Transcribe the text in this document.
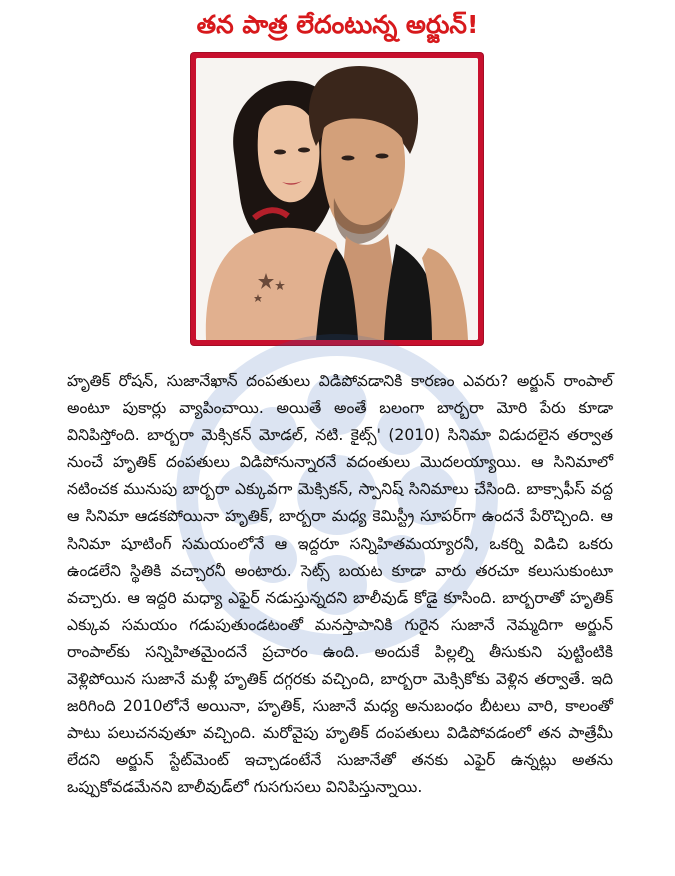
తన పాత్ర లేదంటున్న అర్జున్!

హృతిక్ రోషన్, సుజానేఖాన్ దంపతులు విడిపోవడానికి కారణం ఎవరు? అర్జున్ రాంపాల్ అంటూ పుకార్లు వ్యాపించాయి. అయితే అంతే బలంగా బార్బరా మోరి పేరు కూడా వినిపిస్తోంది. బార్బరా మెక్సికన్ మోడల్, నటి. కైట్స్' (2010) సినిమా విడుదలైన తర్వాత నుంచే హృతిక్ దంపతులు విడిపోనున్నారనే వదంతులు మొదలయ్యాయి. ఆ సినిమాలో నటించక మునుపు బార్బరా ఎక్కువగా మెక్సికన్, స్పానిష్ సినిమాలు చేసింది. బాక్సాఫీస్ వద్ద ఆ సినిమా ఆడకపోయినా హృతిక్, బార్బరా మధ్య కెమిస్ట్రీ సూపర్‌గా ఉందనే పేరొచ్చింది. ఆ సినిమా షూటింగ్ సమయంలోనే ఆ ఇద్దరూ సన్నిహితమయ్యారనీ, ఒకర్ని విడిచి ఒకరు ఉండలేని స్థితికి వచ్చారనీ అంటారు. సెట్స్ బయట కూడా వారు తరచూ కలుసుకుంటూ వచ్చారు. ఆ ఇద్దరి మధ్యా ఎఫైర్ నడుస్తున్నదని బాలీవుడ్ కోడై కూసింది. బార్బరాతో హృతిక్ ఎక్కువ సమయం గడుపుతుండటంతో మనస్తాపానికి గురైన సుజానే నెమ్మదిగా అర్జున్ రాంపాల్‌కు సన్నిహితమైందనే ప్రచారం ఉంది. అందుకే పిల్లల్ని తీసుకుని పుట్టింటికి వెళ్లిపోయిన సుజానే మళ్లీ హృతిక్ దగ్గరకు వచ్చింది, బార్బరా మెక్సికోకు వెళ్లిన తర్వాతే. ఇది జరిగింది 2010లోనే అయినా, హృతిక్, సుజానే మధ్య అనుబంధం బీటలు వారి, కాలంతో పాటు పలుచనవుతూ వచ్చింది. మరోవైపు హృతిక్ దంపతులు విడిపోవడంలో తన పాత్రేమీ లేదని అర్జున్ స్టేట్‌మెంట్ ఇచ్చాడంటేనే సుజానేతో తనకు ఎఫైర్ ఉన్నట్లు అతను ఒప్పుకోవడమేనని బాలీవుడ్‌లో గుసగుసలు వినిపిస్తున్నాయి.
